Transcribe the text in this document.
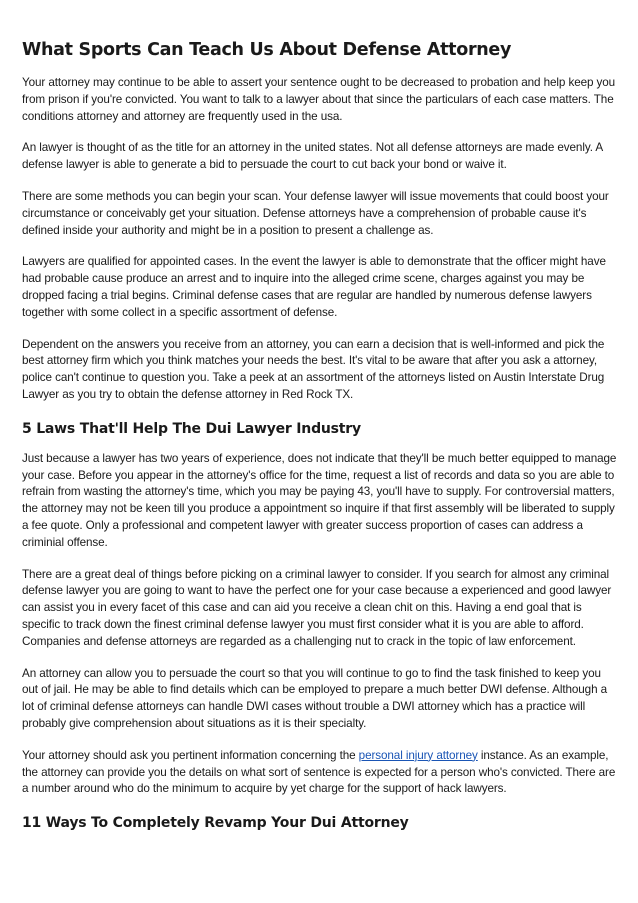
What Sports Can Teach Us About Defense Attorney

Your attorney may continue to be able to assert your sentence ought to be decreased to probation and help keep you from prison if you're convicted. You want to talk to a lawyer about that since the particulars of each case matters. The conditions attorney and attorney are frequently used in the usa.

An lawyer is thought of as the title for an attorney in the united states. Not all defense attorneys are made evenly. A defense lawyer is able to generate a bid to persuade the court to cut back your bond or waive it.

There are some methods you can begin your scan. Your defense lawyer will issue movements that could boost your circumstance or conceivably get your situation. Defense attorneys have a comprehension of probable cause it's defined inside your authority and might be in a position to present a challenge as.

Lawyers are qualified for appointed cases. In the event the lawyer is able to demonstrate that the officer might have had probable cause produce an arrest and to inquire into the alleged crime scene, charges against you may be dropped facing a trial begins. Criminal defense cases that are regular are handled by numerous defense lawyers together with some collect in a specific assortment of defense.

Dependent on the answers you receive from an attorney, you can earn a decision that is well-informed and pick the best attorney firm which you think matches your needs the best. It's vital to be aware that after you ask a attorney, police can't continue to question you. Take a peek at an assortment of the attorneys listed on Austin Interstate Drug Lawyer as you try to obtain the defense attorney in Red Rock TX.

5 Laws That'll Help The Dui Lawyer Industry

Just because a lawyer has two years of experience, does not indicate that they'll be much better equipped to manage your case. Before you appear in the attorney's office for the time, request a list of records and data so you are able to refrain from wasting the attorney's time, which you may be paying 43, you'll have to supply. For controversial matters, the attorney may not be keen till you produce a appointment so inquire if that first assembly will be liberated to supply a fee quote. Only a professional and competent lawyer with greater success proportion of cases can address a criminial offense.

There are a great deal of things before picking on a criminal lawyer to consider. If you search for almost any criminal defense lawyer you are going to want to have the perfect one for your case because a experienced and good lawyer can assist you in every facet of this case and can aid you receive a clean chit on this. Having a end goal that is specific to track down the finest criminal defense lawyer you must first consider what it is you are able to afford. Companies and defense attorneys are regarded as a challenging nut to crack in the topic of law enforcement.

An attorney can allow you to persuade the court so that you will continue to go to find the task finished to keep you out of jail. He may be able to find details which can be employed to prepare a much better DWI defense. Although a lot of criminal defense attorneys can handle DWI cases without trouble a DWI attorney which has a practice will probably give comprehension about situations as it is their specialty.

Your attorney should ask you pertinent information concerning the personal injury attorney instance. As an example, the attorney can provide you the details on what sort of sentence is expected for a person who's convicted. There are a number around who do the minimum to acquire by yet charge for the support of hack lawyers.

11 Ways To Completely Revamp Your Dui Attorney
